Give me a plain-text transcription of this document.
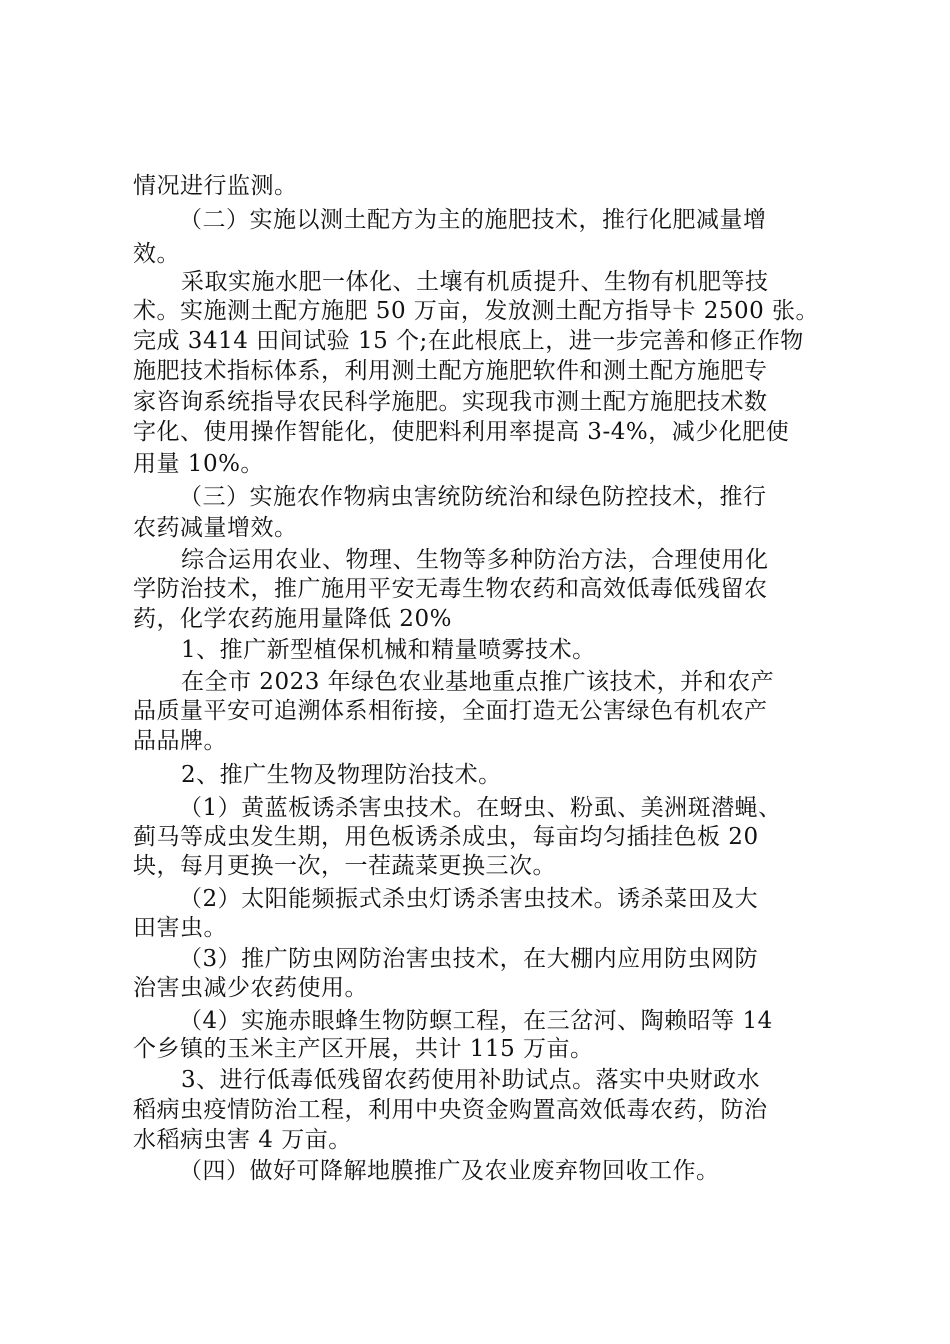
情况进行监测。
（二）实施以测土配方为主的施肥技术，推行化肥减量增
效。
采取实施水肥一体化、土壤有机质提升、生物有机肥等技
术。实施测土配方施肥 50 万亩，发放测土配方指导卡 2500 张。
完成 3414 田间试验 15 个;在此根底上，进一步完善和修正作物
施肥技术指标体系，利用测土配方施肥软件和测土配方施肥专
家咨询系统指导农民科学施肥。实现我市测土配方施肥技术数
字化、使用操作智能化，使肥料利用率提高 3-4%，减少化肥使
用量 10%。
（三）实施农作物病虫害统防统治和绿色防控技术，推行
农药减量增效。
综合运用农业、物理、生物等多种防治方法，合理使用化
学防治技术，推广施用平安无毒生物农药和高效低毒低残留农
药，化学农药施用量降低 20%
1、推广新型植保机械和精量喷雾技术。
在全市 2023 年绿色农业基地重点推广该技术，并和农产
品质量平安可追溯体系相衔接，全面打造无公害绿色有机农产
品品牌。
2、推广生物及物理防治技术。
（1）黄蓝板诱杀害虫技术。在蚜虫、粉虱、美洲斑潜蝇、
蓟马等成虫发生期，用色板诱杀成虫，每亩均匀插挂色板 20
块，每月更换一次，一茬蔬菜更换三次。
（2）太阳能频振式杀虫灯诱杀害虫技术。诱杀菜田及大
田害虫。
（3）推广防虫网防治害虫技术，在大棚内应用防虫网防
治害虫减少农药使用。
（4）实施赤眼蜂生物防螟工程，在三岔河、陶赖昭等 14
个乡镇的玉米主产区开展，共计 115 万亩。
3、进行低毒低残留农药使用补助试点。落实中央财政水
稻病虫疫情防治工程，利用中央资金购置高效低毒农药，防治
水稻病虫害 4 万亩。
（四）做好可降解地膜推广及农业废弃物回收工作。
